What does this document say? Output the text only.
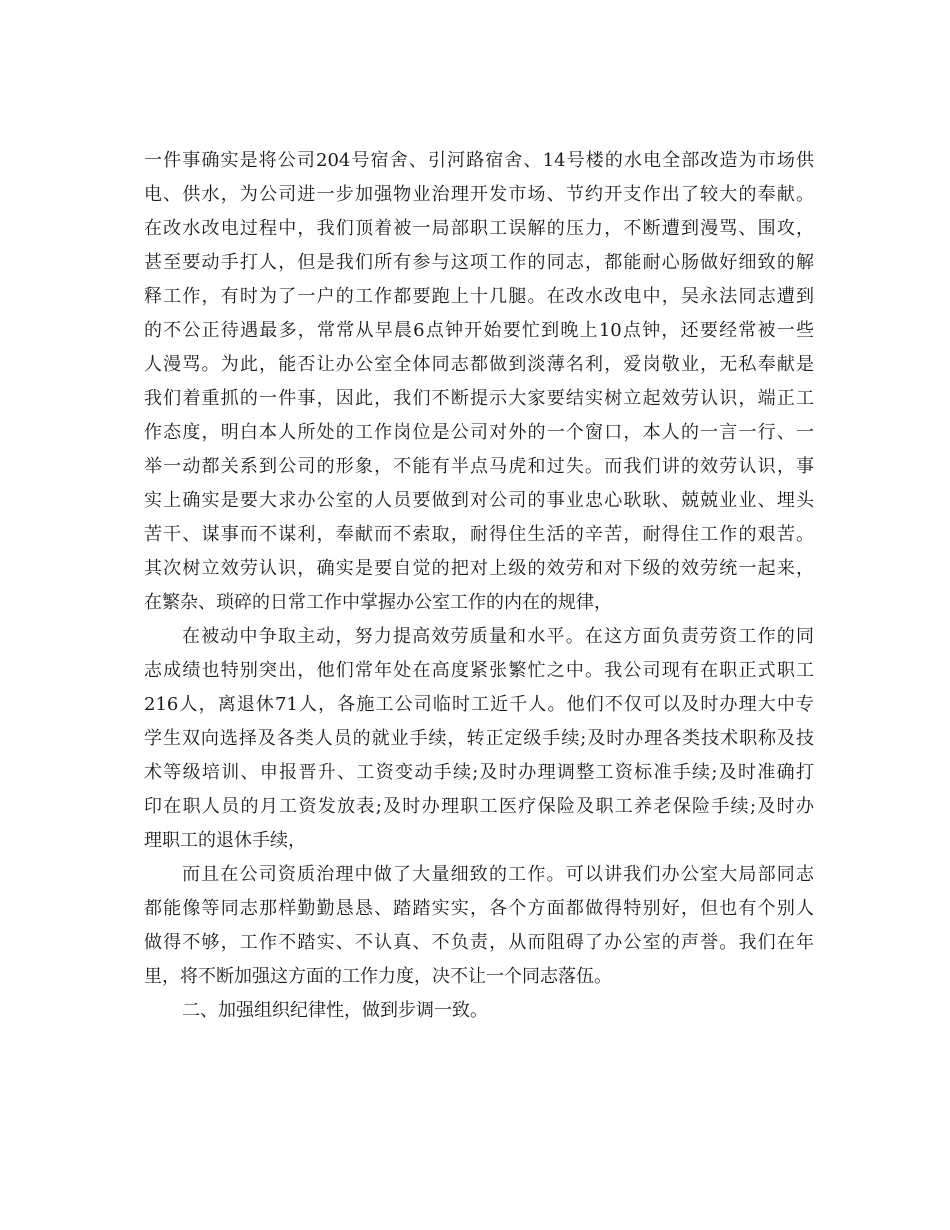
一件事确实是将公司204号宿舍、引河路宿舍、14号楼的水电全部改造为市场供
电、供水，为公司进一步加强物业治理开发市场、节约开支作出了较大的奉献。
在改水改电过程中，我们顶着被一局部职工误解的压力，不断遭到漫骂、围攻，
甚至要动手打人，但是我们所有参与这项工作的同志，都能耐心肠做好细致的解
释工作，有时为了一户的工作都要跑上十几腿。在改水改电中，吴永法同志遭到
的不公正待遇最多，常常从早晨6点钟开始要忙到晚上10点钟，还要经常被一些
人漫骂。为此，能否让办公室全体同志都做到淡薄名利，爱岗敬业，无私奉献是
我们着重抓的一件事，因此，我们不断提示大家要结实树立起效劳认识，端正工
作态度，明白本人所处的工作岗位是公司对外的一个窗口，本人的一言一行、一
举一动都关系到公司的形象，不能有半点马虎和过失。而我们讲的效劳认识，事
实上确实是要大求办公室的人员要做到对公司的事业忠心耿耿、兢兢业业、埋头
苦干、谋事而不谋利，奉献而不索取，耐得住生活的辛苦，耐得住工作的艰苦。
其次树立效劳认识，确实是要自觉的把对上级的效劳和对下级的效劳统一起来，
在繁杂、琐碎的日常工作中掌握办公室工作的内在的规律，
在被动中争取主动，努力提高效劳质量和水平。在这方面负责劳资工作的同
志成绩也特别突出，他们常年处在高度紧张繁忙之中。我公司现有在职正式职工
216人，离退休71人，各施工公司临时工近千人。他们不仅可以及时办理大中专
学生双向选择及各类人员的就业手续，转正定级手续;及时办理各类技术职称及技
术等级培训、申报晋升、工资变动手续;及时办理调整工资标准手续;及时准确打
印在职人员的月工资发放表;及时办理职工医疗保险及职工养老保险手续;及时办
理职工的退休手续，
而且在公司资质治理中做了大量细致的工作。可以讲我们办公室大局部同志
都能像等同志那样勤勤恳恳、踏踏实实，各个方面都做得特别好，但也有个别人
做得不够，工作不踏实、不认真、不负责，从而阻碍了办公室的声誉。我们在年
里，将不断加强这方面的工作力度，决不让一个同志落伍。
二、加强组织纪律性，做到步调一致。
